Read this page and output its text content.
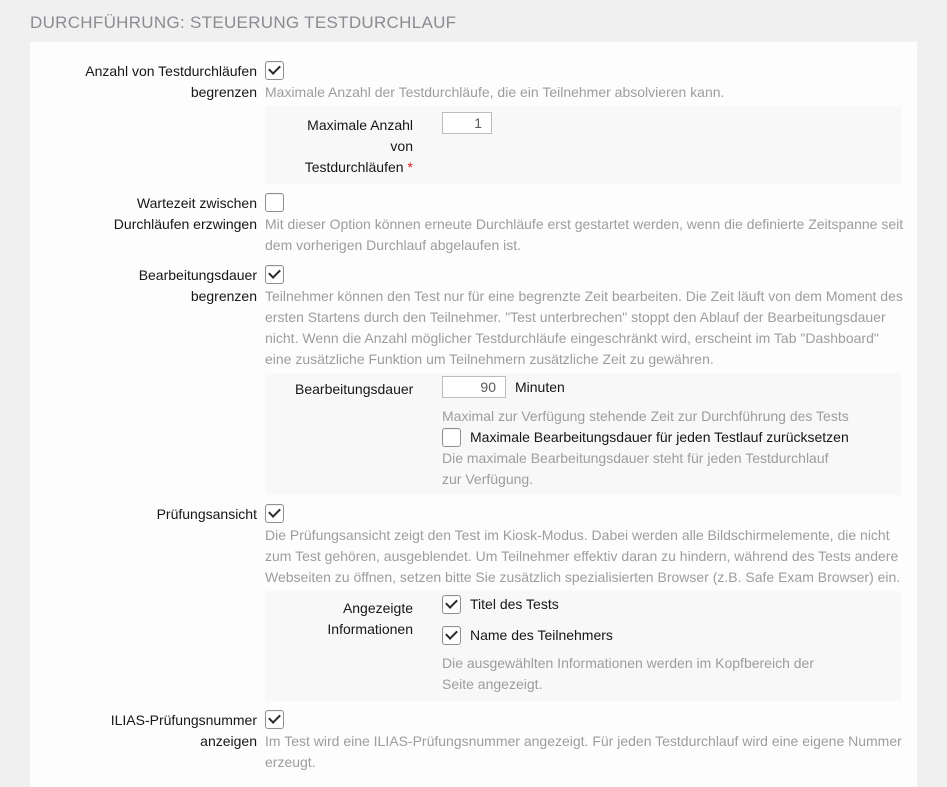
DURCHFÜHRUNG: STEUERUNG TESTDURCHLAUF
Anzahl von Testdurchläufen begrenzen Maximale Anzahl der Testdurchläufe, die ein Teilnehmer absolvieren kann.
Maximale Anzahl von Testdurchläufen *
1
Wartezeit zwischen Durchläufen erzwingen Mit dieser Option können erneute Durchläufe erst gestartet werden, wenn die definierte Zeitspanne seit dem vorherigen Durchlauf abgelaufen ist.
Bearbeitungsdauer begrenzen Teilnehmer können den Test nur für eine begrenzte Zeit bearbeiten. Die Zeit läuft von dem Moment des ersten Startens durch den Teilnehmer. "Test unterbrechen" stoppt den Ablauf der Bearbeitungsdauer nicht. Wenn die Anzahl möglicher Testdurchläufe eingeschränkt wird, erscheint im Tab "Dashboard" eine zusätzliche Funktion um Teilnehmern zusätzliche Zeit zu gewähren.
Bearbeitungsdauer
90	Minuten
Maximal zur Verfügung stehende Zeit zur Durchführung des Tests
Maximale Bearbeitungsdauer für jeden Testlauf zurücksetzen
Die maximale Bearbeitungsdauer steht für jeden Testdurchlauf zur Verfügung.
Prüfungsansicht
Die Prüfungsansicht zeigt den Test im Kiosk-Modus. Dabei werden alle Bildschirmelemente, die nicht zum Test gehören, ausgeblendet. Um Teilnehmer effektiv daran zu hindern, während des Tests andere Webseiten zu öffnen, setzen bitte Sie zusätzlich spezialisierten Browser (z.B. Safe Exam Browser) ein.
Angezeigte Informationen
Titel des Tests
Name des Teilnehmers
Die ausgewählten Informationen werden im Kopfbereich der Seite angezeigt.
ILIAS-Prüfungsnummer anzeigen Im Test wird eine ILIAS-Prüfungsnummer angezeigt. Für jeden Testdurchlauf wird eine eigene Nummer erzeugt.
